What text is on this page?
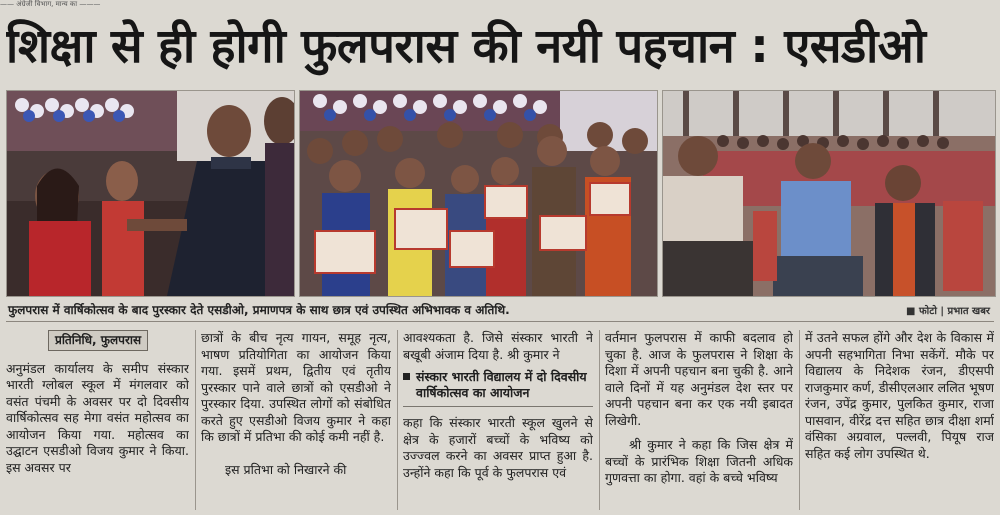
—— अंग्रेजी विभाग, मान्य का ———
शिक्षा से ही होगी फुलपरास की नयी पहचान : एसडीओ
फुलपरास में वार्षिकोत्सव के बाद पुरस्कार देते एसडीओ, प्रमाणपत्र के साथ छात्र एवं उपस्थित अभिभावक व अतिथि.	■ फोटो | प्रभात खबर
प्रतिनिधि, फुलपरास

अनुमंडल कार्यालय के समीप संस्कार भारती ग्लोबल स्कूल में मंगलवार को वसंत पंचमी के अवसर पर दो दिवसीय वार्षिकोत्सव सह मेगा वसंत महोत्सव का आयोजन किया गया. महोत्सव का उद्घाटन एसडीओ विजय कुमार ने किया. इस अवसर पर

छात्रों के बीच नृत्य गायन, समूह नृत्य, भाषण प्रतियोगिता का आयोजन किया गया. इसमें प्रथम, द्वितीय एवं तृतीय पुरस्कार पाने वाले छात्रों को एसडीओ ने पुरस्कार दिया. उपस्थित लोगों को संबोधित करते हुए एसडीओ विजय कुमार ने कहा कि छात्रों में प्रतिभा की कोई कमी नहीं है.

इस प्रतिभा को निखारने की

आवश्यकता है. जिसे संस्कार भारती ने बखूबी अंजाम दिया है. श्री कुमार ने

संस्कार भारती विद्यालय में दो दिवसीय वार्षिकोत्सव का आयोजन

कहा कि संस्कार भारती स्कूल खुलने से क्षेत्र के हजारों बच्चों के भविष्य को उज्ज्वल करने का अवसर प्राप्त हुआ है. उन्होंने कहा कि पूर्व के फुलपरास एवं

वर्तमान फुलपरास में काफी बदलाव हो चुका है. आज के फुलपरास ने शिक्षा के दिशा में अपनी पहचान बना चुकी है. आने वाले दिनों में यह अनुमंडल देश स्तर पर अपनी पहचान बना कर एक नयी इबादत लिखेगी.

श्री कुमार ने कहा कि जिस क्षेत्र में बच्चों के प्रारंभिक शिक्षा जितनी अधिक गुणवत्ता का होगा. वहां के बच्चे भविष्य

में उतने सफल होंगे और देश के विकास में अपनी सहभागिता निभा सकेंगें. मौके पर विद्यालय के निदेशक रंजन, डीएसपी राजकुमार कर्ण, डीसीएलआर ललित भूषण रंजन, उपेंद्र कुमार, पुलकित कुमार, राजा पासवान, वीरेंद्र दत्त सहित छात्र दीक्षा शर्मा वंसिका अग्रवाल, पल्लवी, पियूष राज सहित कई लोग उपस्थित थे.
